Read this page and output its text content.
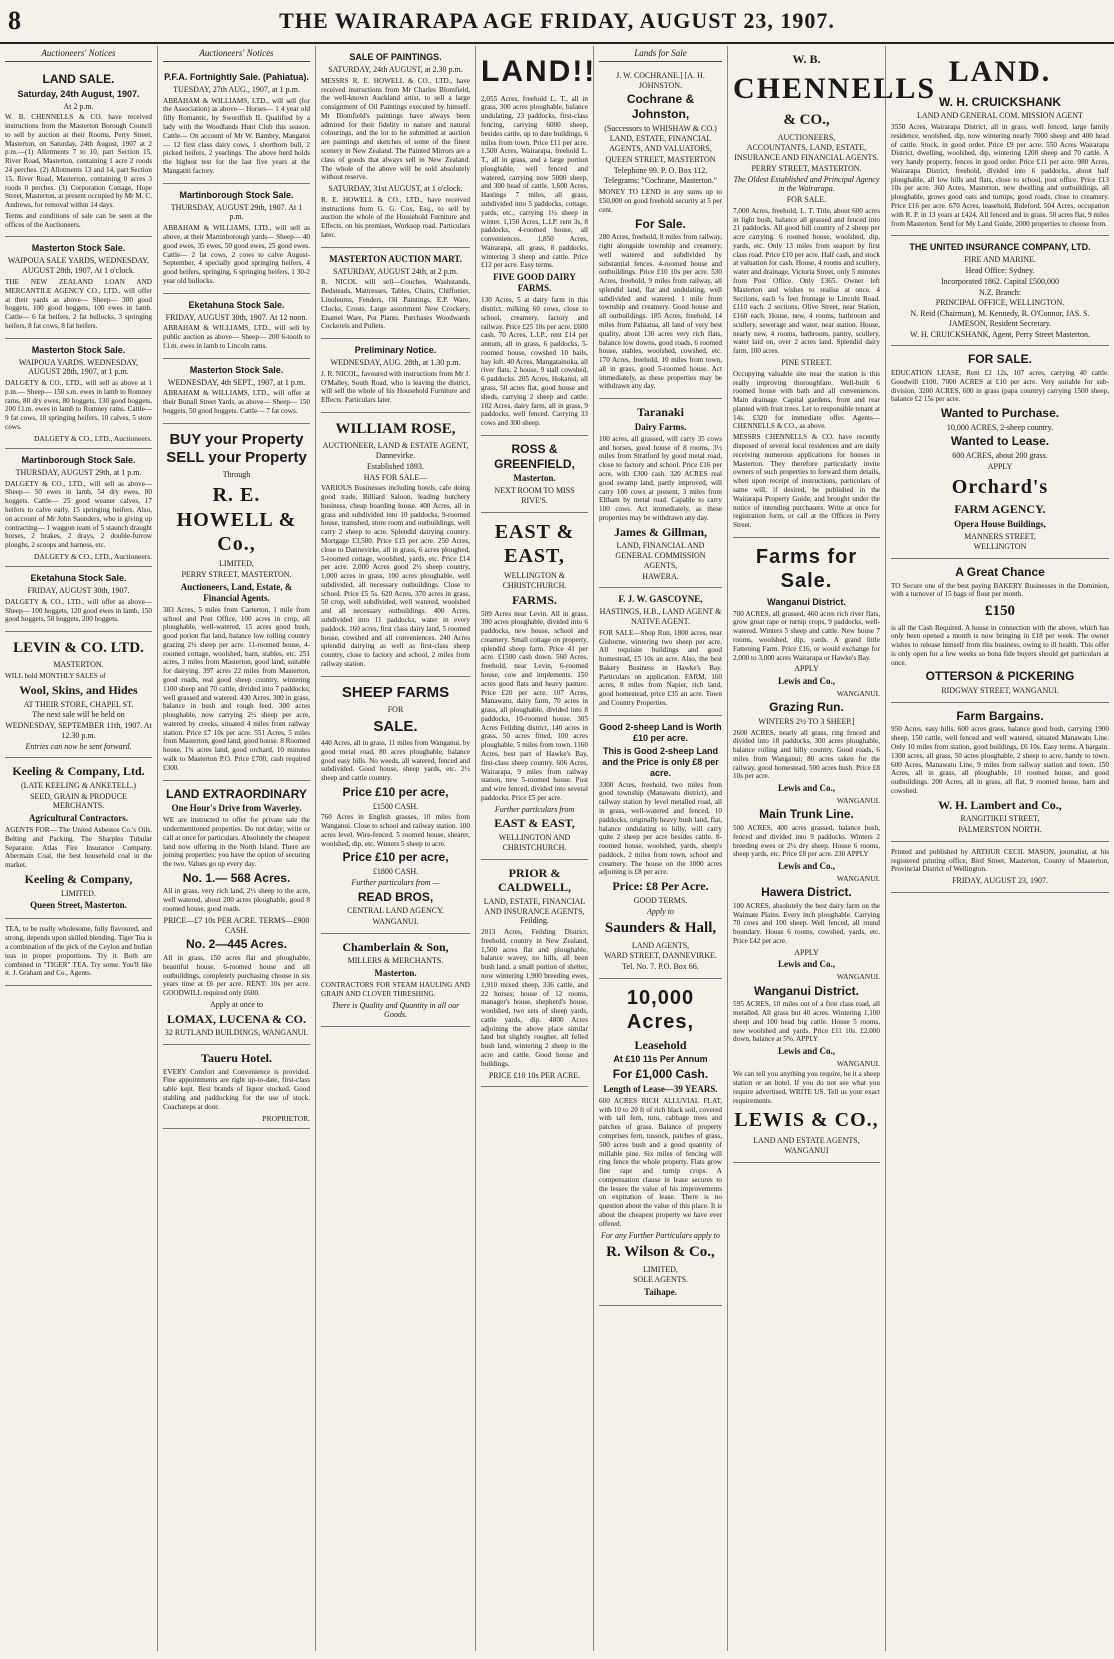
8	THE WAIRARAPA AGE FRIDAY, AUGUST 23, 1907.
Auctioneers' Notices
LAND SALE.
Saturday, 24th August, 1907.
At 2 p.m.
W. B. CHENNELLS & CO. have received instructions from the Masterton Borough Council to sell by auction at their Rooms, Perry Street, Masterton, on Saturday, 24th August, 1907 at 2 p.m.—(1) Allotments 7 to 10, part Section 15, River Road, Masterton, containing 1 acre 2 roods 24 perches. (2) Allotments 13 and 14, part Section 15, River Road, Masterton, containing 0 acres 3 roods 0 perches. (3) Corporation Cottage, Hope Street, Masterton, at present occupied by Mr M. C. Andrews, for removal within 14 days.
Terms and conditions of sale can be seen at the offices of the Auctioneers.
Masterton Stock Sale.
WAIPOUA SALE YARDS, WEDNESDAY, AUGUST 28th, 1907, At 1 o'clock.
THE NEW ZEALAND LOAN AND MERCANTILE AGENCY CO., LTD., will offer at their yards as above— Sheep— 300 good hoggets, 100 good hoggets, 100 ewes in lamb. Cattle— 6 fat heifers, 2 fat bullocks, 3 springing heifers, 8 fat cows, 8 fat heifers.
Masterton Stock Sale.
WAIPOUA YARDS. WEDNESDAY, AUGUST 28th, 1907, at 1 p.m.
DALGETY & CO., LTD., will sell as above at 1 p.m.— Sheep— 150 s.m. ewes in lamb to Romney rams, 80 dry ewes, 80 hoggets, 130 good hoggets, 200 f.l.m. ewes in lamb to Romney rams. Cattle— 9 fat cows, 10 springing heifers, 10 calves, 5 store cows.
DALGETY & CO., LTD., Auctioneers.
Martinborough Stock Sale.
THURSDAY, AUGUST 29th, at 1 p.m.
DALGETY & CO., LTD., will sell as above— Sheep— 50 ewes in lamb, 54 dry ewes, 80 hoggets. Cattle— 25 good weaner calves, 17 heifers to calve early, 15 springing heifers. Also, on account of Mr John Saunders, who is giving up contracting— 1 waggon team of 5 staunch draught horses, 2 brakes, 2 drays, 2 double-furrow ploughs, 2 scoops and harness, etc.
DALGETY & CO., LTD., Auctioneers.
Eketahuna Stock Sale.
FRIDAY, AUGUST 30th, 1907.
DALGETY & CO., LTD., will offer as above— Sheep— 100 hoggets, 120 good ewes in lamb, 150 good hoggets, 50 hoggets, 200 hoggets.
LEVIN & CO. LTD.
MASTERTON.
WILL hold MONTHLY SALES of
Wool, Skins, and Hides
AT THEIR STORE, CHAPEL ST.
The next sale will be held on
WEDNESDAY, SEPTEMBER 11th, 1907. At 12.30 p.m.
Entries can now be sent forward.
Keeling & Company, Ltd.
(LATE KEELING & ANKETELL.)
SEED, GRAIN & PRODUCE MERCHANTS.
Agricultural Contractors.
AGENTS FOR— The United Asbestos Co.'s Oils. Belting and Packing. The Sharples Tubular Separator. Atlas Fire Insurance Company. Abermain Coal, the best household coal in the market.
Keeling & Company,
LIMITED.
Queen Street, Masterton.
TEA, to be really wholesome, fully flavoured, and strong, depends upon skilled blending. Tiger Tea is a combination of the pick of the Ceylon and Indian teas in proper proportions. Try it. Both are combined in "TIGER" TEA. Try some. You'll like it. J. Graham and Co., Agents.
Auctioneers' Notices
P.F.A. Fortnightly Sale. (Pahiatua).
TUESDAY, 27th AUG., 1907, at 1 p.m.
ABRAHAM & WILLIAMS, LTD., will sell (for the Association) as above— Horses— 1 4 year old filly Romantic, by Swordfish II. Qualified by a lady with the Woodlands Hunt Club this season. Cattle— On account of Mr W. Bambry, Mangatoi— 12 first class dairy cows, 1 shorthorn bull, 2 picked heifers, 2 yearlings. The above herd holds the highest test for the last five years at the Mangatiti factory.
Martinborough Stock Sale.
THURSDAY, AUGUST 29th, 1907. At 1 p.m.
ABRAHAM & WILLIAMS, LTD., will sell as above, at their Martinborough yards— Sheep— 40 good ewes, 35 ewes, 50 good ewes, 25 good ewes. Cattle— 2 fat cows, 2 cows to calve August-September, 4 specially good springing heifers, 4 good heifers, springing, 6 springing heifers, 1 30-2 year old bullocks.
Eketahuna Stock Sale.
FRIDAY, AUGUST 30th, 1907. At 12 noon.
ABRAHAM & WILLIAMS, LTD., will sell by public auction as above— Sheep— 200 6-tooth to f.l.m. ewes in lamb to Lincoln rams.
Masterton Stock Sale.
WEDNESDAY, 4th SEPT., 1907, at 1 p.m.
ABRAHAM & WILLIAMS, LTD., will offer at their Bunall Street Yards, as above— Sheep— 150 hoggets, 50 good hoggets. Cattle— 7 fat cows.
BUY your Property SELL your Property
Through
R. E. HOWELL & Co.,
LIMITED,
PERRY STREET, MASTERTON.
Auctioneers, Land, Estate, & Financial Agents.
383 Acres, 5 miles from Carterton, 1 mile from school and Post Office, 100 acres in crop, all ploughable, well-watered, 15 acres good bush, good porion flat land, balance low rolling country grazing 2½ sheep per acre. 11-roomed house, 4-roomed cottage, woolshed, barn, stables, etc. 251 acres, 3 miles from Masterton, good land, suitable for dairying. 397 acres 22 miles from Masterton, good roads, real good sheep country, wintering 1100 sheep and 70 cattle, divided into 7 paddocks; well grassed and watered. 430 Acres, 300 in grass, balance in bush and rough feed. 300 acres ploughable, now carrying 2½ sheep per acre, watered by creeks, situated 4 miles from railway station. Price £7 10s per acre. 551 Acres, 5 miles from Masterton, good land, good house. 8 Roomed house, 1¾ acres land, good orchard, 10 minutes walk to Masterton P.O. Price £700, cash required £300.
LAND EXTRAORDINARY
One Hour's Drive from Waverley.
WE are instructed to offer for private sale the undermentioned properties. Do not delay; write or call at once for particulars. Absolutely the cheapest land now offering in the North Island. There are joining properties; you have the option of securing the two. Values go up every day.
No. 1.— 568 Acres.
All in grass, very rich land, 2½ sheep to the acre, well watered, about 200 acres ploughable, good 8 roomed house, good roads.
PRICE—£7 10s PER ACRE. TERMS—£900 CASH.
No. 2—445 Acres.
All in grass, 150 acres flat and ploughable, beautiful house, 6-roomed house and all outbuildings, completely purchasing choose in six years time at £6 per acre. RENT: 10s per acre. GOODWILL required only £600.
Apply at once to
LOMAX, LUCENA & CO.
32 RUTLAND BUILDINGS, WANGANUI.
Taueru Hotel.
EVERY Comfort and Convenience is provided. Fine appointments are right up-to-date, first-class table kept. Best brands of liquor stocked. Good stabling and paddocking for the use of stock. Coachsteps at door.
PROPRIETOR.
SALE OF PAINTINGS.
SATURDAY, 24th AUGUST, at 2.30 p.m.
MESSRS R. E. HOWELL & CO., LTD., have received instructions from Mr Charles Blomfield, the well-known Auckland artist, to sell a large consignment of Oil Paintings executed by himself. Mr Blomfield's paintings have always been admired for their fidelity to nature and natural colourings, and the lot to be submitted at auction are paintings and sketches of some of the finest scenery in New Zealand. The Painted Mirrors are a class of goods that always sell in New Zealand. The whole of the above will be sold absolutely without reserve.
SATURDAY, 31st AUGUST, at 1 o'clock.
R. E. HOWELL & CO., LTD., have received instructions from G. G. Cox, Esq., to sell by auction the whole of the Household Furniture and Effects, on his premises, Worksop road. Particulars later.
MASTERTON AUCTION MART.
SATURDAY, AUGUST 24th, at 2 p.m.
R. NICOL will sell—Couches, Washstands, Bedsteads, Mattresses, Tables, Chairs, Chiffonier, Linoleums, Fenders, Oil Paintings, E.P. Ware, Clocks, Crosts. Large assortment New Crockery, Enamel Ware, Pot Plants. Purchases Woodwards Cockerels and Pullets.
Preliminary Notice.
WEDNESDAY, AUG. 28th, at 1.30 p.m.
J. R. NICOL, favoured with instructions from Mr J. O'Malley, South Road, who is leaving the district, will sell the whole of his Household Furniture and Effects. Particulars later.
WILLIAM ROSE,
AUCTIONEER, LAND & ESTATE AGENT, Dannevirke.
Established 1893.
HAS FOR SALE—
VARIOUS Businesses including hotels, cafe doing good trade, Billiard Saloon, leading butchery business, cheap boarding house. 400 Acres, all in grass and subdivided into 10 paddocks, 9-roomed house, tramshed, store room and outbuildings, well carry 2 sheep to acre. Splendid dairying country. Mortgage £3,500. Price £15 per acre. 250 Acres, close to Dannevirke, all in grass, 6 acres ploughed, 5-roomed cottage, woolshed, yards, etc. Price £14 per acre. 2,000 Acres good 2½ sheep country, 1,000 acres in grass, 100 acres ploughable, well subdivided, all necessary outbuildings. Close to school. Price £5 5s. 620 Acres, 370 acres in grass, 50 crop, well subdivided, well watered, woolshed and all necessary outbuildings. 400 Acres, subdivided into 11 paddocks, water in every paddock. 160 acres, first class dairy land, 5 roomed house, cowshed and all conveniences. 240 Acres splendid dairying as well as first-class sheep country, close to factory and school, 2 miles from railway station.
SHEEP FARMS
FOR
SALE.
440 Acres, all in grass, 11 miles from Wanganui, by good metal road, 80 acres ploughable, balance good easy hills. No weeds, all watered, fenced and subdivided. Good house, sheep yards, etc. 2½ sheep and cattle country.
Price £10 per acre,
£1500 CASH.
760 Acres in English grasses, 10 miles from Wanganui. Close to school and railway station. 100 acres level. Wire-fenced. 5 roomed house, shearer, woolshed, dip, etc. Winters 5 sheep to acre.
Price £10 per acre,
£1800 CASH.
Further particulars from —
READ BROS,
CENTRAL LAND AGENCY.
WANGANUI.
Chamberlain & Son,
MILLERS & MERCHANTS.
Masterton.
CONTRACTORS FOR STEAM HAULING AND GRAIN AND CLOVER THRESHING.
There is Quality and Quantity in all our Goods.
LAND!!
2,055 Acres, freehold L. T., all in grass, 300 acres ploughable, balance undulating, 23 paddocks, first-class fencing, carrying 6000 sheep, besides cattle, up to date buildings, 6 miles from town. Price £11 per acre. 1,500 Acres, Wairarapa, freehold L. T., all in grass, and a large portion ploughable, well fenced and watered, carrying now 5000 sheep, and 300 head of cattle. 1,600 Acres, Hastings 7 miles, all grass, subdivided into 5 paddocks, cottage, yards, etc., carrying 1½ sheep in winter. 1,150 Acres, L.I.P. rent 3s, 8 paddocks, 4-roomed house, all conveniences. 1,850 Acres, Wairarapa, all grass, 8 paddocks, wintering 3 sheep and cattle. Price £12 per acre. Easy terms.
FIVE GOOD DAIRY FARMS.
130 Acres, 5 at dairy farm in this district, milking 60 cows, close to school, creamery, factory and railway. Price £25 10s per acre. £600 cash. 70 Acres, L.I.P., rent £14 per annum, all in grass, 6 paddocks, 5-roomed house, cowshed 10 bails, hay loft. 40 Acres, Mangatainoka, all river flats, 2 house, 9 stall cowshed, 6 paddocks. 205 Acres, Hokanui, all grass, 50 acres flat, good house and sheds, carrying 2 sheep and cattle. 102 Acres, dairy farm, all in grass, 9 paddocks, well fenced. Carrying 33 cows and 300 sheep.
ROSS & GREENFIELD,
Masterton.
NEXT ROOM TO MISS RIVE'S.
EAST & EAST,
WELLINGTON & CHRISTCHURCH.
FARMS.
509 Acres near Levin. All in grass, 300 acres ploughable, divided into 6 paddocks, new house, school and creamery. Small cottage on property, splendid sheep farm. Price 41 per acre. £1500 cash down. 560 Acres, freehold, near Levin, 6-roomed house, cow and implements. 150 acres good flats and heavy pasture. Price £20 per acre. 107 Acres, Manawatu, dairy farm, 70 acres in grass, all ploughable, divided into 8 paddocks, 10-roomed house. 305 Acres Feilding district, 140 acres in grass, 50 acres fitted, 100 acres ploughable, 5 miles from town. 1160 Acres, best part of Hawke's Bay, first-class sheep country. 606 Acres, Wairarapa, 9 miles from railway station, new 5-roomed house. Post and wire fenced, divided into several paddocks. Price £5 per acre.
Further particulars from
EAST & EAST,
WELLINGTON AND CHRISTCHURCH.
PRIOR & CALDWELL,
LAND, ESTATE, FINANCIAL AND INSURANCE AGENTS, Feilding.
2013 Acres, Feilding District, freehold, country in New Zealand, 1,500 acres flat and ploughable, balance wavey, no hills, all been bush land, a small portion of shelter, now wintering 1,900 breeding ewes, 1,910 mixed sheep, 336 cattle, and 22 horses; house of 12 rooms, manager's house, shepherd's house, woolshed, two sets of sheep yards, cattle yards, dip. 4800 Acres adjoining the above place similar land but slightly rougher, all felled bush land, wintering 2 sheep to the acre and cattle. Good house and buildings.
PRICE £10 10s PER ACRE.
Lands for Sale
J. W. COCHRANE.] [A. H. JOHNSTON.
Cochrane & Johnston,
(Successors to WHISHAW & CO.)
LAND, ESTATE, FINANCIAL AGENTS, AND VALUATORS,
QUEEN STREET, MASTERTON
Telephone 99. P. O. Box 112.
Telegrams: "Cochrane, Masterton."
MONEY TO LEND in any sums up to £50,000 on good freehold security at 5 per cent.
For Sale.
280 Acres, freehold, 8 miles from railway, right alongside township and creamery, well watered and subdivided by substantial fences. 4-roomed house and outbuildings. Price £10 10s per acre. 530 Acres, freehold, 9 miles from railway, all splendid land, flat and undulating, well subdivided and watered. 1 mile from township and creamery. Good house and all outbuildings. 185 Acres, freehold, 14 miles from Pahiatua, all land of very best quality, about 130 acres very rich flats, balance low downs, good roads, 6 roomed house, stables, woolshed, cowshed, etc. 170 Acres, freehold, 10 miles from town, all in grass, good 5-roomed house. Act immediately, as these properties may be withdrawn any day.
Taranaki
Dairy Farms.
100 acres, all grassed, will carry 35 cows and horses, good house of 8 rooms, 3½ miles from Stratford by good metal road, close to factory and school. Price £16 per acre, with £300 cash. 320 ACRES real good swamp land, partly improved, will carry 100 cows at present, 3 miles from Eltham by metal road. Capable to carry 100 cows. Act immediately, as these properties may be withdrawn any day.
James & Gillman,
LAND, FINANCIAL AND GENERAL COMMISSION AGENTS,
HAWERA.
F. J. W. GASCOYNE,
HASTINGS, H.B., LAND AGENT & NATIVE AGENT.
FOR SALE—Shop Run, 1800 acres, near Gisborne, wintering two sheep per acre. All requisite buildings and good homestead, £5 10s an acre. Also, the best Bakery Business in Hawke's Bay. Particulars on application. FARM, 160 acres, 8 miles from Napier, rich land, good homestead, price £35 an acre. Town and Country Properties.
Good 2-sheep Land is Worth £10 per acre.
This is Good 2-sheep Land and the Price is only £8 per acre.
3300 Acres, freehold, two miles from good township (Manawatu district), and railway station by level metalled road, all in grass, well-watered and fenced, 10 paddocks, originally heavy bush land, flat, balance undulating to hilly, will carry quite 2 sheep per acre besides cattle. 8-roomed house, woolshed, yards, sheep's paddock, 2 miles from town, school and creamery. The house on the 1000 acres adjoining is £8 per acre.
Price: £8 Per Acre.
GOOD TERMS.
Apply to
Saunders & Hall,
LAND AGENTS,
WARD STREET, DANNEVIRKE.
Tel. No. 7. P.O. Box 66.
10,000 Acres,
Leasehold
At £10 11s Per Annum
For £1,000 Cash.
Length of Lease—39 YEARS.
600 ACRES RICH ALLUVIAL FLAT, with 10 to 20 ft of rich black soil, covered with tall fern, tutu, cabbage trees and patches of grass. Balance of property comprises fern, tussock, patches of grass, 500 acres bush and a good quantity of millable pine. Six miles of fencing will ring fence the whole property. Flats grow fine rape and turnip crops. A compensation clause in lease secures to the lessee the value of his improvements on expiration of lease. There is no question about the value of this place. It is about the cheapest property we have ever offered.
For any Further Particulars apply to
R. Wilson & Co.,
LIMITED,
SOLE AGENTS.
Taihape.
W. B.
CHENNELLS
& CO.,
AUCTIONEERS,
ACCOUNTANTS, LAND, ESTATE, INSURANCE AND FINANCIAL AGENTS.
PERRY STREET, MASTERTON.
The Oldest Established and Principal Agency in the Wairarapa.
FOR SALE.
7,000 Acres, freehold, L. T. Title, about 600 acres in light bush, balance all grassed and fenced into 21 paddocks. All good hill country of 2 sheep per acre carrying. 6 roomed house, woolshed, dip, yards, etc. Only 13 miles from seaport by first class road. Price £10 per acre. Half cash, and stock at valuation for cash. House, 4 rooms and scullery, water and drainage, Victoria Street, only 5 minutes from Post Office. Only £365. Owner left Masterton and wishes to realise at once. 4 Sections, each ¼ feet frontage to Lincoln Road. £110 each. 2 sections, Olive Street, near Station, £160 each. House, new, 4 rooms, bathroom and scullery, sewerage and water, near station. House, nearly new, 4 rooms, bathroom, pantry, scullery, water laid on, over 2 acres land. Splendid dairy farm, 100 acres.
PINE STREET.
Occupying valuable site near the station is this really improving thoroughfare. Well-built 6 roomed house with bath and all conveniences. Main drainage. Capital gardens, front and rear planted with fruit trees. Let to responsible tenant at 14s. £320 for immediate offer. Agents—CHENNELLS & CO., as above.
MESSRS CHENNELLS & CO. have recently disposed of several local residences and are daily receiving numerous applications for houses in Masterton. They therefore particularly invite owners of such properties to forward them details, when upon receipt of instructions, particulars of same will, if desired, be published in the Wairarapa Property Guide, and brought under the notice of intending purchasers. Write at once for registration form, or call at the Offices in Perry Street.
Farms for Sale.
Wanganui District.
700 ACRES, all grassed, 460 acres rich river flats, grow great rape or turnip crops, 9 paddocks, well-watered. Winters 5 sheep and cattle. New house 7 rooms, woolshed, dip, yards. A grand little Fattening Farm. Price £16, or would exchange for 2,000 to 3,000 acres Wairarapa or Hawke's Bay.
APPLY
Lewis and Co.,
WANGANUI.
Grazing Run.
WINTERS 2½ TO 3 SHEEP.]
2600 ACRES, nearly all grass, ring fenced and divided into 18 paddocks, 300 acres ploughable, balance rolling and hilly country. Good roads, 6 miles from Wanganui; 80 acres taken for the railway, good homestead, 500 acres bush. Price £8 10s per acre.
Lewis and Co.,
WANGANUI.
Main Trunk Line.
500 ACRES, 400 acres grassed, balance bush, fenced and divided into 9 paddocks. Winters 2 breeding ewes or 2½ dry sheep. House 6 rooms, sheep yards, etc. Price £8 per acre. 230 APPLY
Lewis and Co.,
WANGANUI.
Hawera District.
100 ACRES, absolutely the best dairy farm on the Waimate Plains. Every inch ploughable. Carrying 70 cows and 100 sheep. Well fenced, all round boundary. House 6 rooms, cowshed, yards, etc. Price £42 per acre.
APPLY
Lewis and Co.,
WANGANUI.
Wanganui District.
595 ACRES, 10 miles out of a first class road, all metalled. All grass but 40 acres. Wintering 1,100 sheep and 100 head big cattle. House 5 rooms, new woolshed and yards. Price £11 10s. £2,000 down, balance at 5%. APPLY
Lewis and Co.,
WANGANUI.
We can tell you anything you require, be it a sheep station or an hotel. If you do not see what you require advertised, WRITE US. Tell us your exact requirements.
LEWIS & CO.,
LAND AND ESTATE AGENTS,
WANGANUI
LAND.
W. H. CRUICKSHANK
LAND AND GENERAL COM. MISSION AGENT
3550 Acres, Wairarapa District, all in grass, well fenced, large family residence, woolshed, dip, now wintering nearly 7000 sheep and 400 head of cattle. Stock, in good order. Price £9 per acre. 550 Acres Wairarapa District, dwelling, woolshed, dip, wintering 1200 sheep and 70 cattle. A very handy property, fences in good order. Price £11 per acre. 980 Acres, Wairarapa District, freehold, divided into 6 paddocks, about half ploughable, all low hills and flats, close to school, post office. Price £13 10s per acre. 360 Acres, Masterton, new dwelling and outbuildings, all ploughable, grows good oats and turnips, good roads, close to creamery. Price £16 per acre. 670 Acres, leasehold, Bideford. 504 Acres, occupation with R. P. in 13 years at £424. All fenced and in grass. 50 acres flat, 9 miles from Masterton. Send for My Land Guide, 2000 properties to choose from.
THE UNITED INSURANCE COMPANY, LTD.
FIRE AND MARINE.
Head Office: Sydney.
Incorporated 1862. Capital £500,000
N.Z. Branch:
PRINCIPAL OFFICE, WELLINGTON.
N. Reid (Chairman), M. Kennedy, R. O'Connor, JAS. S. JAMESON, Resident Secretary.
W. H. CRUICKSHANK, Agent, Perry Street Masterton.
FOR SALE.
EDUCATION LEASE, Rent £2 12s, 107 acres, carrying 40 cattle. Goodwill £100. 7000 ACRES at £10 per acre. Very suitable for sub-division. 3200 ACRES, 600 in grass (papa country) carrying 1500 sheep, balance £2 15s per acre.
Wanted to Purchase.
10,000 ACRES, 2-sheep country.
Wanted to Lease.
600 ACRES, about 200 grass.
APPLY
Orchard's
FARM AGENCY.
Opera House Buildings,
MANNERS STREET,
WELLINGTON
A Great Chance
TO Secure one of the best paying BAKERY Businesses in the Dominion, with a turnover of 15 bags of flour per month.
£150
is all the Cash Required. A house in connection with the above, which has only been opened a month is now bringing in £18 per week. The owner wishes to release himself from this business, owing to ill health. This offer is only open for a few weeks so bona fide buyers should get particulars at once.
OTTERSON & PICKERING
RIDGWAY STREET, WANGANUI.
Farm Bargains.
950 Acres, easy hills, 600 acres grass, balance good bush, carrying 1900 sheep, 150 cattle, well fenced and well watered, situated Manawatu Line. Only 10 miles from station, good buildings, £6 10s. Easy terms. A bargain. 1300 acres, all grass, 50 acres ploughable, 2 sheep to acre, handy to town. 600 Acres, Manawatu Line, 9 miles from railway station and town. 150 Acres, all in grass, all ploughable, 10 roomed house, and good outbuildings. 200 Acres, all in grass, all flat, 9 roomed house, barn and cowshed.
W. H. Lambert and Co.,
RANGITIKEI STREET,
PALMERSTON NORTH.
Printed and published by ARTHUR CECIL MASON, journalist, at his registered printing office, Bird Street, Masterton, County of Masterton, Provincial District of Wellington.
FRIDAY, AUGUST 23, 1907.
